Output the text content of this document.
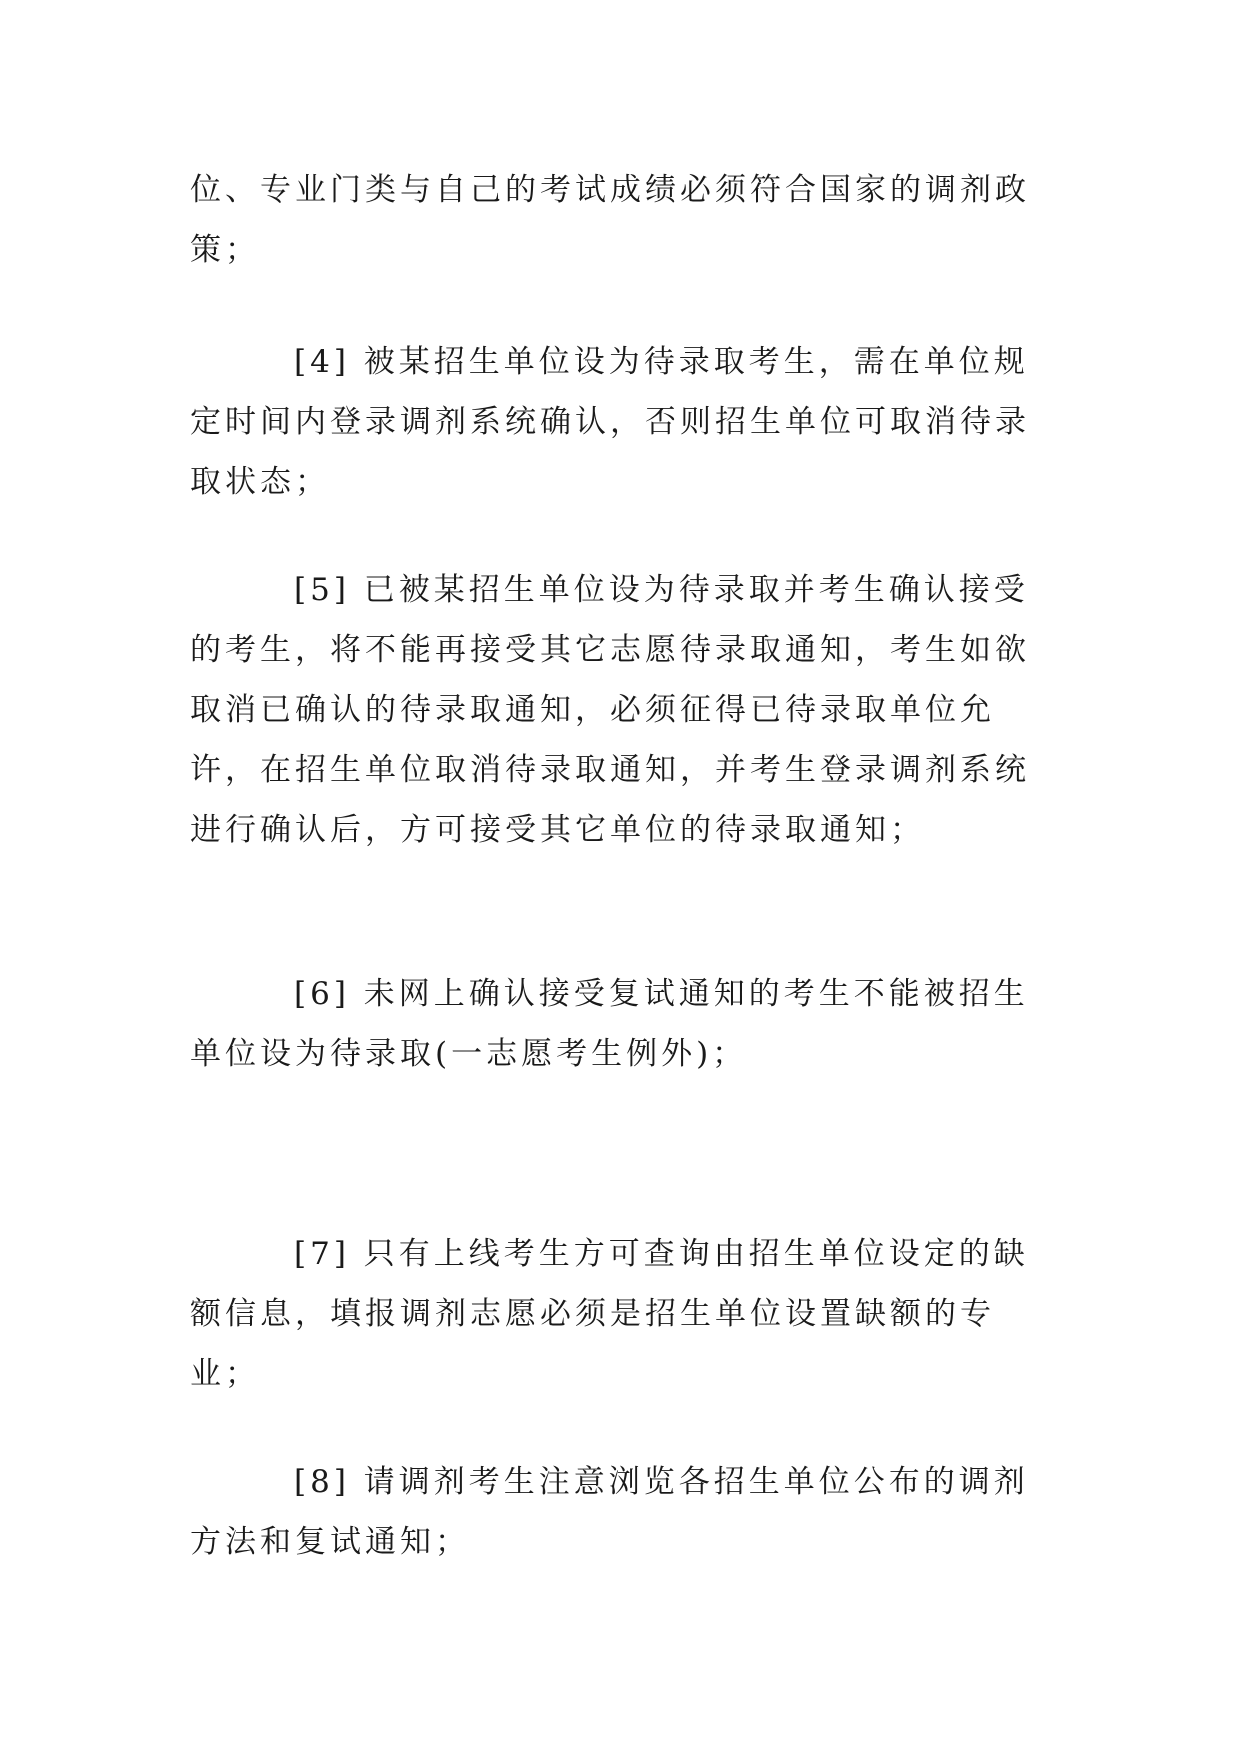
位、专业门类与自己的考试成绩必须符合国家的调剂政策；

[4] 被某招生单位设为待录取考生，需在单位规定时间内登录调剂系统确认，否则招生单位可取消待录取状态；

[5] 已被某招生单位设为待录取并考生确认接受的考生，将不能再接受其它志愿待录取通知，考生如欲取消已确认的待录取通知，必须征得已待录取单位允许，在招生单位取消待录取通知，并考生登录调剂系统进行确认后，方可接受其它单位的待录取通知；

[6] 未网上确认接受复试通知的考生不能被招生单位设为待录取(一志愿考生例外)；

[7] 只有上线考生方可查询由招生单位设定的缺额信息，填报调剂志愿必须是招生单位设置缺额的专业；

[8] 请调剂考生注意浏览各招生单位公布的调剂方法和复试通知；
